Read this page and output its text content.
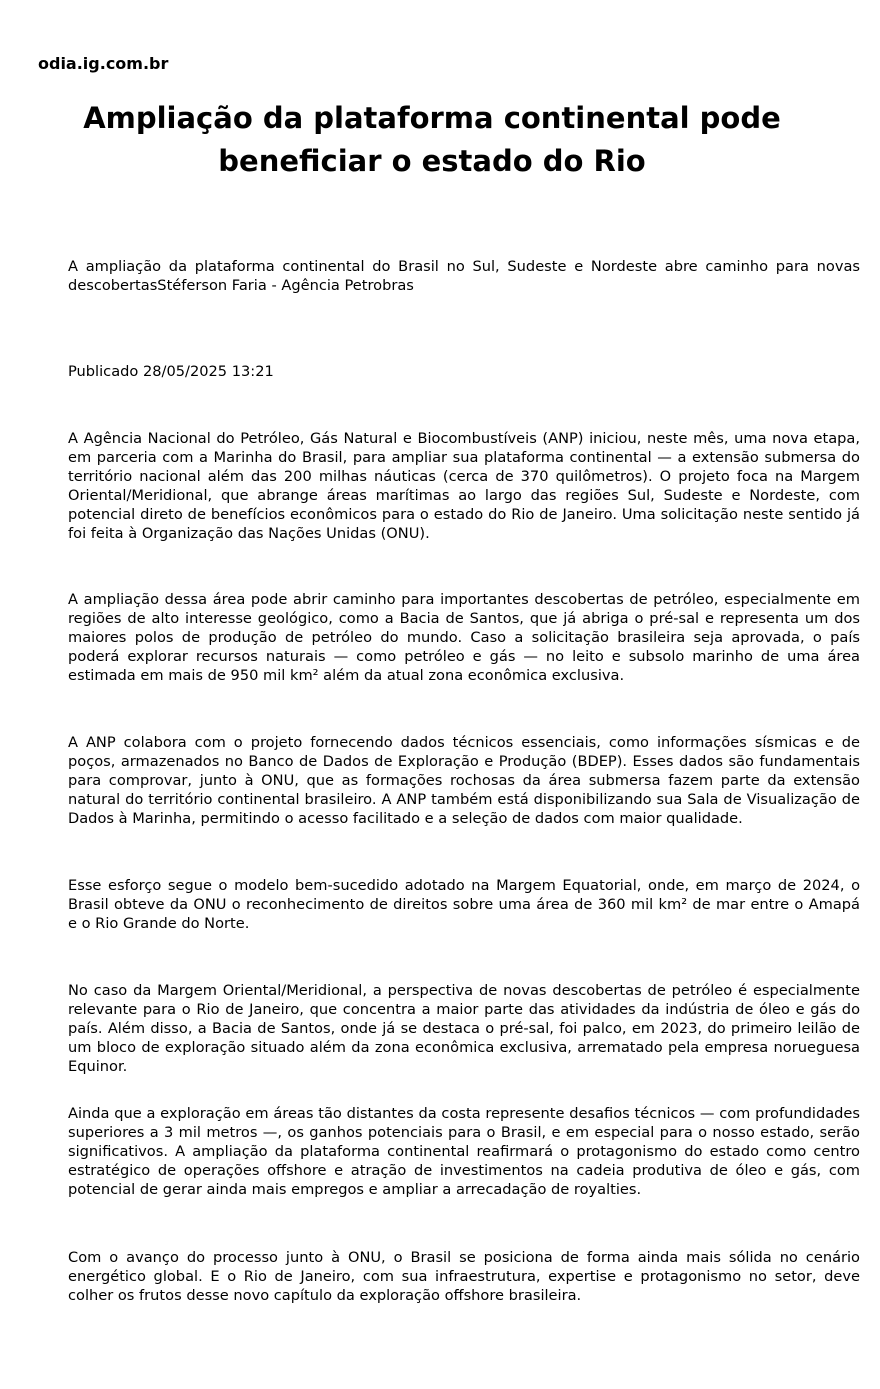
odia.ig.com.br
Ampliação da plataforma continental pode beneficiar o estado do Rio

A ampliação da plataforma continental do Brasil no Sul, Sudeste e Nordeste abre caminho para novas descobertasStéferson Faria - Agência Petrobras

Publicado 28/05/2025 13:21

A Agência Nacional do Petróleo, Gás Natural e Biocombustíveis (ANP) iniciou, neste mês, uma nova etapa, em parceria com a Marinha do Brasil, para ampliar sua plataforma continental — a extensão submersa do território nacional além das 200 milhas náuticas (cerca de 370 quilômetros). O projeto foca na Margem Oriental/Meridional, que abrange áreas marítimas ao largo das regiões Sul, Sudeste e Nordeste, com potencial direto de benefícios econômicos para o estado do Rio de Janeiro. Uma solicitação neste sentido já foi feita à Organização das Nações Unidas (ONU).

A ampliação dessa área pode abrir caminho para importantes descobertas de petróleo, especialmente em regiões de alto interesse geológico, como a Bacia de Santos, que já abriga o pré-sal e representa um dos maiores polos de produção de petróleo do mundo. Caso a solicitação brasileira seja aprovada, o país poderá explorar recursos naturais — como petróleo e gás — no leito e subsolo marinho de uma área estimada em mais de 950 mil km² além da atual zona econômica exclusiva.

A ANP colabora com o projeto fornecendo dados técnicos essenciais, como informações sísmicas e de poços, armazenados no Banco de Dados de Exploração e Produção (BDEP). Esses dados são fundamentais para comprovar, junto à ONU, que as formações rochosas da área submersa fazem parte da extensão natural do território continental brasileiro. A ANP também está disponibilizando sua Sala de Visualização de Dados à Marinha, permitindo o acesso facilitado e a seleção de dados com maior qualidade.

Esse esforço segue o modelo bem-sucedido adotado na Margem Equatorial, onde, em março de 2024, o Brasil obteve da ONU o reconhecimento de direitos sobre uma área de 360 mil km² de mar entre o Amapá e o Rio Grande do Norte.

No caso da Margem Oriental/Meridional, a perspectiva de novas descobertas de petróleo é especialmente relevante para o Rio de Janeiro, que concentra a maior parte das atividades da indústria de óleo e gás do país. Além disso, a Bacia de Santos, onde já se destaca o pré-sal, foi palco, em 2023, do primeiro leilão de um bloco de exploração situado além da zona econômica exclusiva, arrematado pela empresa norueguesa Equinor.

Ainda que a exploração em áreas tão distantes da costa represente desafios técnicos — com profundidades superiores a 3 mil metros —, os ganhos potenciais para o Brasil, e em especial para o nosso estado, serão significativos. A ampliação da plataforma continental reafirmará o protagonismo do estado como centro estratégico de operações offshore e atração de investimentos na cadeia produtiva de óleo e gás, com potencial de gerar ainda mais empregos e ampliar a arrecadação de royalties.

Com o avanço do processo junto à ONU, o Brasil se posiciona de forma ainda mais sólida no cenário energético global. E o Rio de Janeiro, com sua infraestrutura, expertise e protagonismo no setor, deve colher os frutos desse novo capítulo da exploração offshore brasileira.
